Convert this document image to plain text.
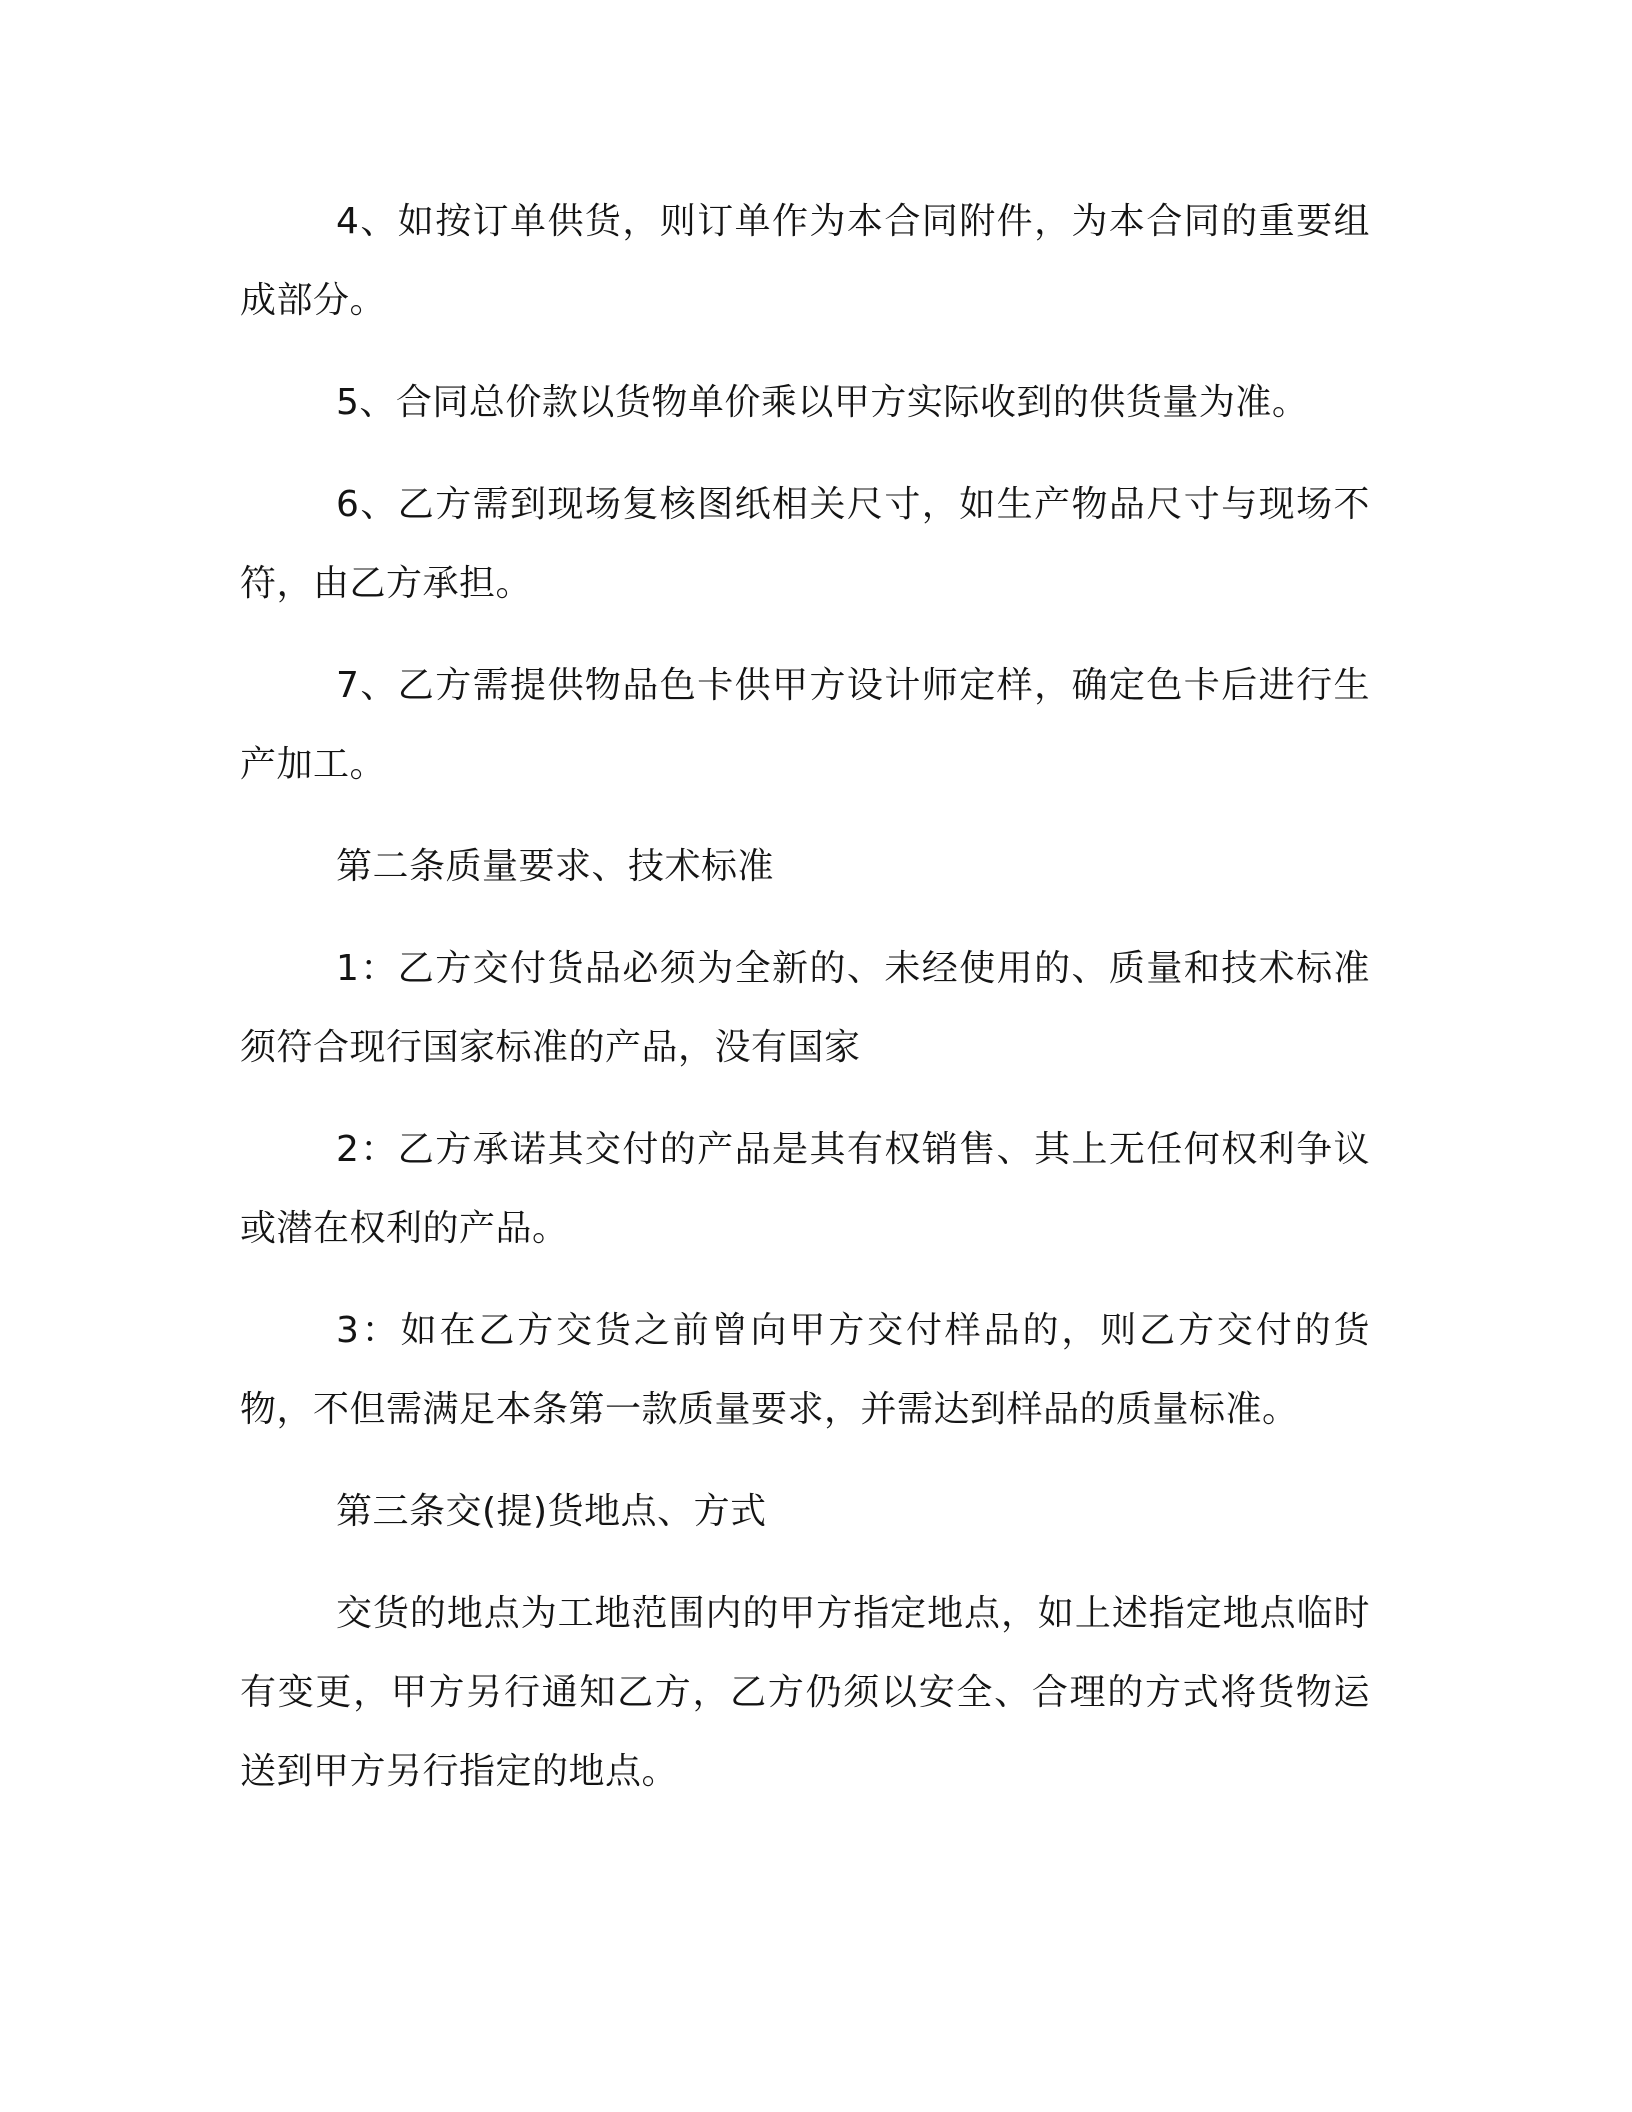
4、如按订单供货，则订单作为本合同附件，为本合同的重要组成部分。

5、合同总价款以货物单价乘以甲方实际收到的供货量为准。

6、乙方需到现场复核图纸相关尺寸，如生产物品尺寸与现场不符，由乙方承担。

7、乙方需提供物品色卡供甲方设计师定样，确定色卡后进行生产加工。

第二条质量要求、技术标准

1：乙方交付货品必须为全新的、未经使用的、质量和技术标准须符合现行国家标准的产品，没有国家

2：乙方承诺其交付的产品是其有权销售、其上无任何权利争议或潜在权利的产品。

3：如在乙方交货之前曾向甲方交付样品的，则乙方交付的货物，不但需满足本条第一款质量要求，并需达到样品的质量标准。

第三条交(提)货地点、方式

交货的地点为工地范围内的甲方指定地点，如上述指定地点临时有变更，甲方另行通知乙方，乙方仍须以安全、合理的方式将货物运送到甲方另行指定的地点。
